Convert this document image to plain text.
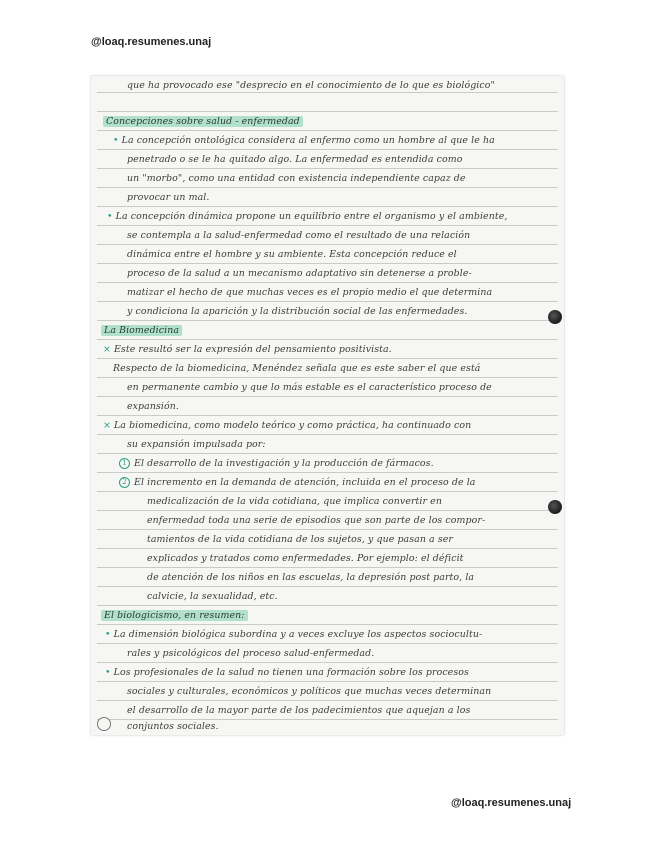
@loaq.resumenes.unaj
que ha provocado ese "desprecio en el conocimiento de lo que es biológico"
Concepciones sobre salud - enfermedad
• La concepción ontológica considera al enfermo como un hombre al que le ha
penetrado o se le ha quitado algo. La enfermedad es entendida como
un "morbo", como una entidad con existencia independiente capaz de
provocar un mal.
• La concepción dinámica propone un equilibrio entre el organismo y el ambiente,
se contempla a la salud-enfermedad como el resultado de una relación
dinámica entre el hombre y su ambiente. Esta concepción reduce el
proceso de la salud a un mecanismo adaptativo sin detenerse a proble-
matizar el hecho de que muchas veces es el propio medio el que determina
y condiciona la aparición y la distribución social de las enfermedades.
La Biomedicina
× Este resultó ser la expresión del pensamiento positivista.
Respecto de la biomedicina, Menéndez señala que es este saber el que está
en permanente cambio y que lo más estable es el característico proceso de
expansión.
× La biomedicina, como modelo teórico y como práctica, ha continuado con
su expansión impulsada por:
1 El desarrollo de la investigación y la producción de fármacos.
2 El incremento en la demanda de atención, incluida en el proceso de la
medicalización de la vida cotidiana, que implica convertir en
enfermedad toda una serie de episodios que son parte de los compor-
tamientos de la vida cotidiana de los sujetos, y que pasan a ser
explicados y tratados como enfermedades. Por ejemplo: el déficit
de atención de los niños en las escuelas, la depresión post parto, la
calvicie, la sexualidad, etc.
El biologicismo, en resumen:
• La dimensión biológica subordina y a veces excluye los aspectos sociocultu-
rales y psicológicos del proceso salud-enfermedad.
• Los profesionales de la salud no tienen una formación sobre los procesos
sociales y culturales, económicos y políticos que muchas veces determinan
el desarrollo de la mayor parte de los padecimientos que aquejan a los
conjuntos sociales.
@loaq.resumenes.unaj
